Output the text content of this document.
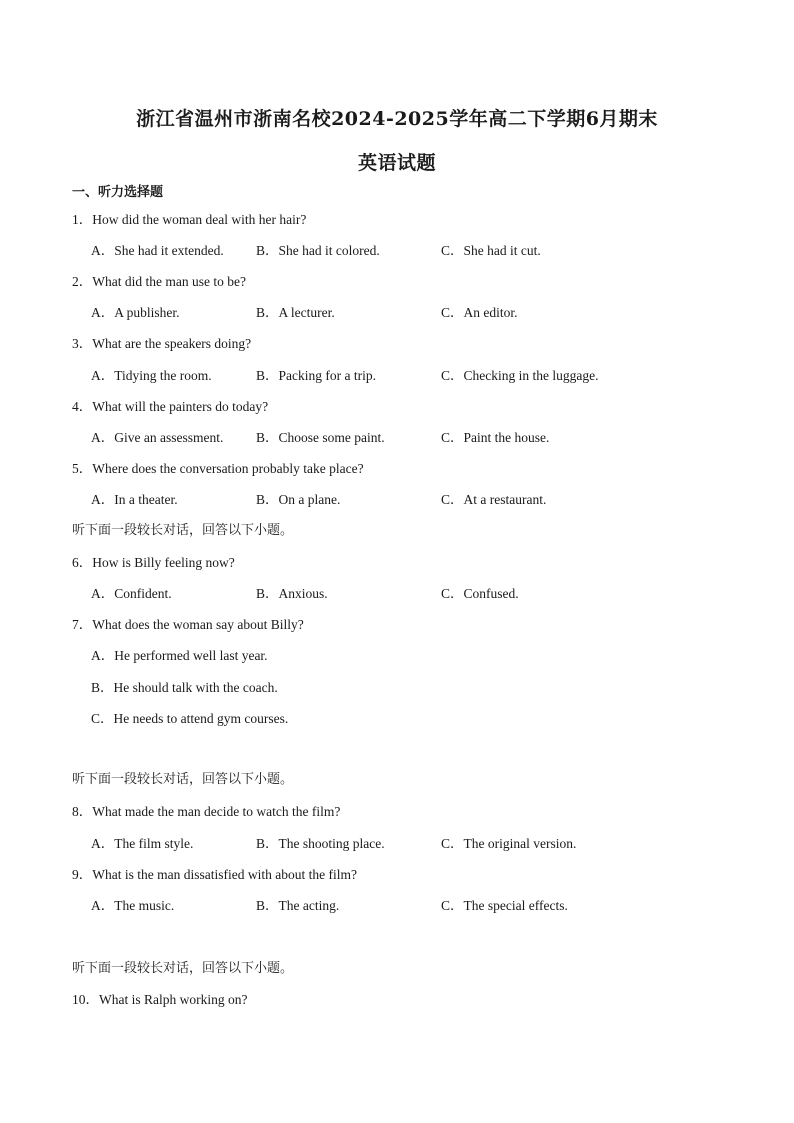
浙江省温州市浙南名校2024-2025学年高二下学期6月期末
英语试题
一、听力选择题
1．How did the woman deal with her hair?
A．She had it extended. B．She had it colored.	C．She had it cut.
2．What did the man use to be?
A．A publisher.	B．A lecturer.	C．An editor.
3．What are the speakers doing?
A．Tidying the room.	B．Packing for a trip.	C．Checking in the luggage.
4．What will the painters do today?
A．Give an assessment. B．Choose some paint.	C．Paint the house.
5．Where does the conversation probably take place?
A．In a theater.	B．On a plane.	C．At a restaurant.
听下面一段较长对话，回答以下小题。
6．How is Billy feeling now?
A．Confident.	B．Anxious.	C．Confused.
7．What does the woman say about Billy?
A．He performed well last year.
B．He should talk with the coach.
C．He needs to attend gym courses.
听下面一段较长对话，回答以下小题。
8．What made the man decide to watch the film?
A．The film style.	B．The shooting place.	C．The original version.
9．What is the man dissatisfied with about the film?
A．The music.	B．The acting.	C．The special effects.
听下面一段较长对话，回答以下小题。
10．What is Ralph working on?
